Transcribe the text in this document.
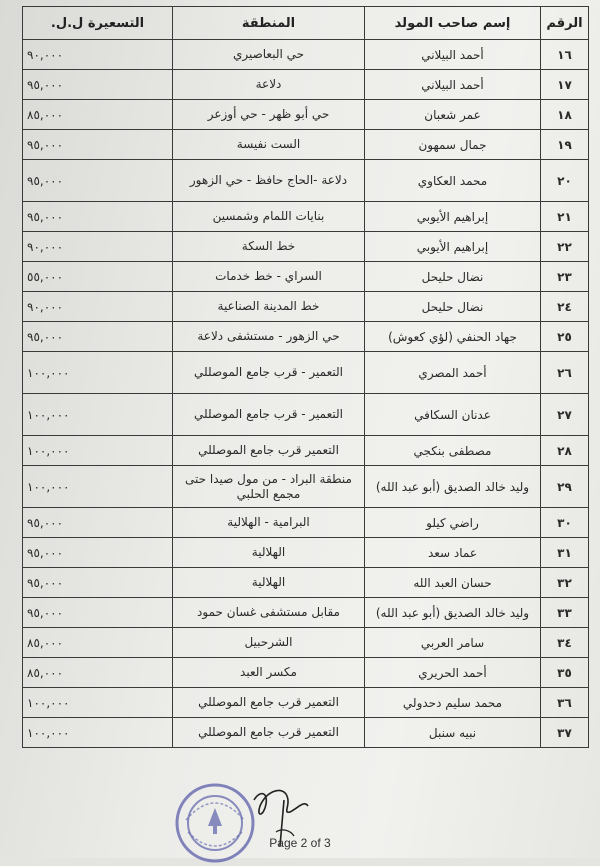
الرقم	إسم صاحب المولد	المنطقة	التسعيرة ل.ل.
١٦	أحمد البيلاني	حي البعاصيري	٩٠,٠٠٠
١٧	أحمد البيلاني	دلاعة	٩٥,٠٠٠
١٨	عمر شعبان	حي أبو ظهر - حي أوزعر	٨٥,٠٠٠
١٩	جمال سمهون	الست نفيسة	٩٥,٠٠٠
٢٠	محمد العكاوي	دلاعة -الحاج حافظ - حي الزهور	٩٥,٠٠٠
٢١	إبراهيم الأيوبي	بنايات اللمام وشمسين	٩٥,٠٠٠
٢٢	إبراهيم الأيوبي	خط السكة	٩٠,٠٠٠
٢٣	نضال حليحل	السراي - خط خدمات	٥٥,٠٠٠
٢٤	نضال حليحل	خط المدينة الصناعية	٩٠,٠٠٠
٢٥	جهاد الحنفي (لؤي كعوش)	حي الزهور - مستشفى دلاعة	٩٥,٠٠٠
٢٦	أحمد المصري	التعمير - قرب جامع الموصللي	١٠٠,٠٠٠
٢٧	عدنان السكافي	التعمير - قرب جامع الموصللي	١٠٠,٠٠٠
٢٨	مصطفى بنكجي	التعمير قرب جامع الموصللي	١٠٠,٠٠٠
٢٩	وليد خالد الصديق (أبو عبد الله)	منطقة البراد - من مول صيدا حتى مجمع الحلبي	١٠٠,٠٠٠
٣٠	راضي كيلو	البرامية - الهلالية	٩٥,٠٠٠
٣١	عماد سعد	الهلالية	٩٥,٠٠٠
٣٢	حسان العبد الله	الهلالية	٩٥,٠٠٠
٣٣	وليد خالد الصديق (أبو عبد الله)	مقابل مستشفى غسان حمود	٩٥,٠٠٠
٣٤	سامر العربي	الشرحبيل	٨٥,٠٠٠
٣٥	أحمد الحريري	مكسر العبد	٨٥,٠٠٠
٣٦	محمد سليم دحدولي	التعمير قرب جامع الموصللي	١٠٠,٠٠٠
٣٧	نبيه سنبل	التعمير قرب جامع الموصللي	١٠٠,٠٠٠
Page 2 of 3
